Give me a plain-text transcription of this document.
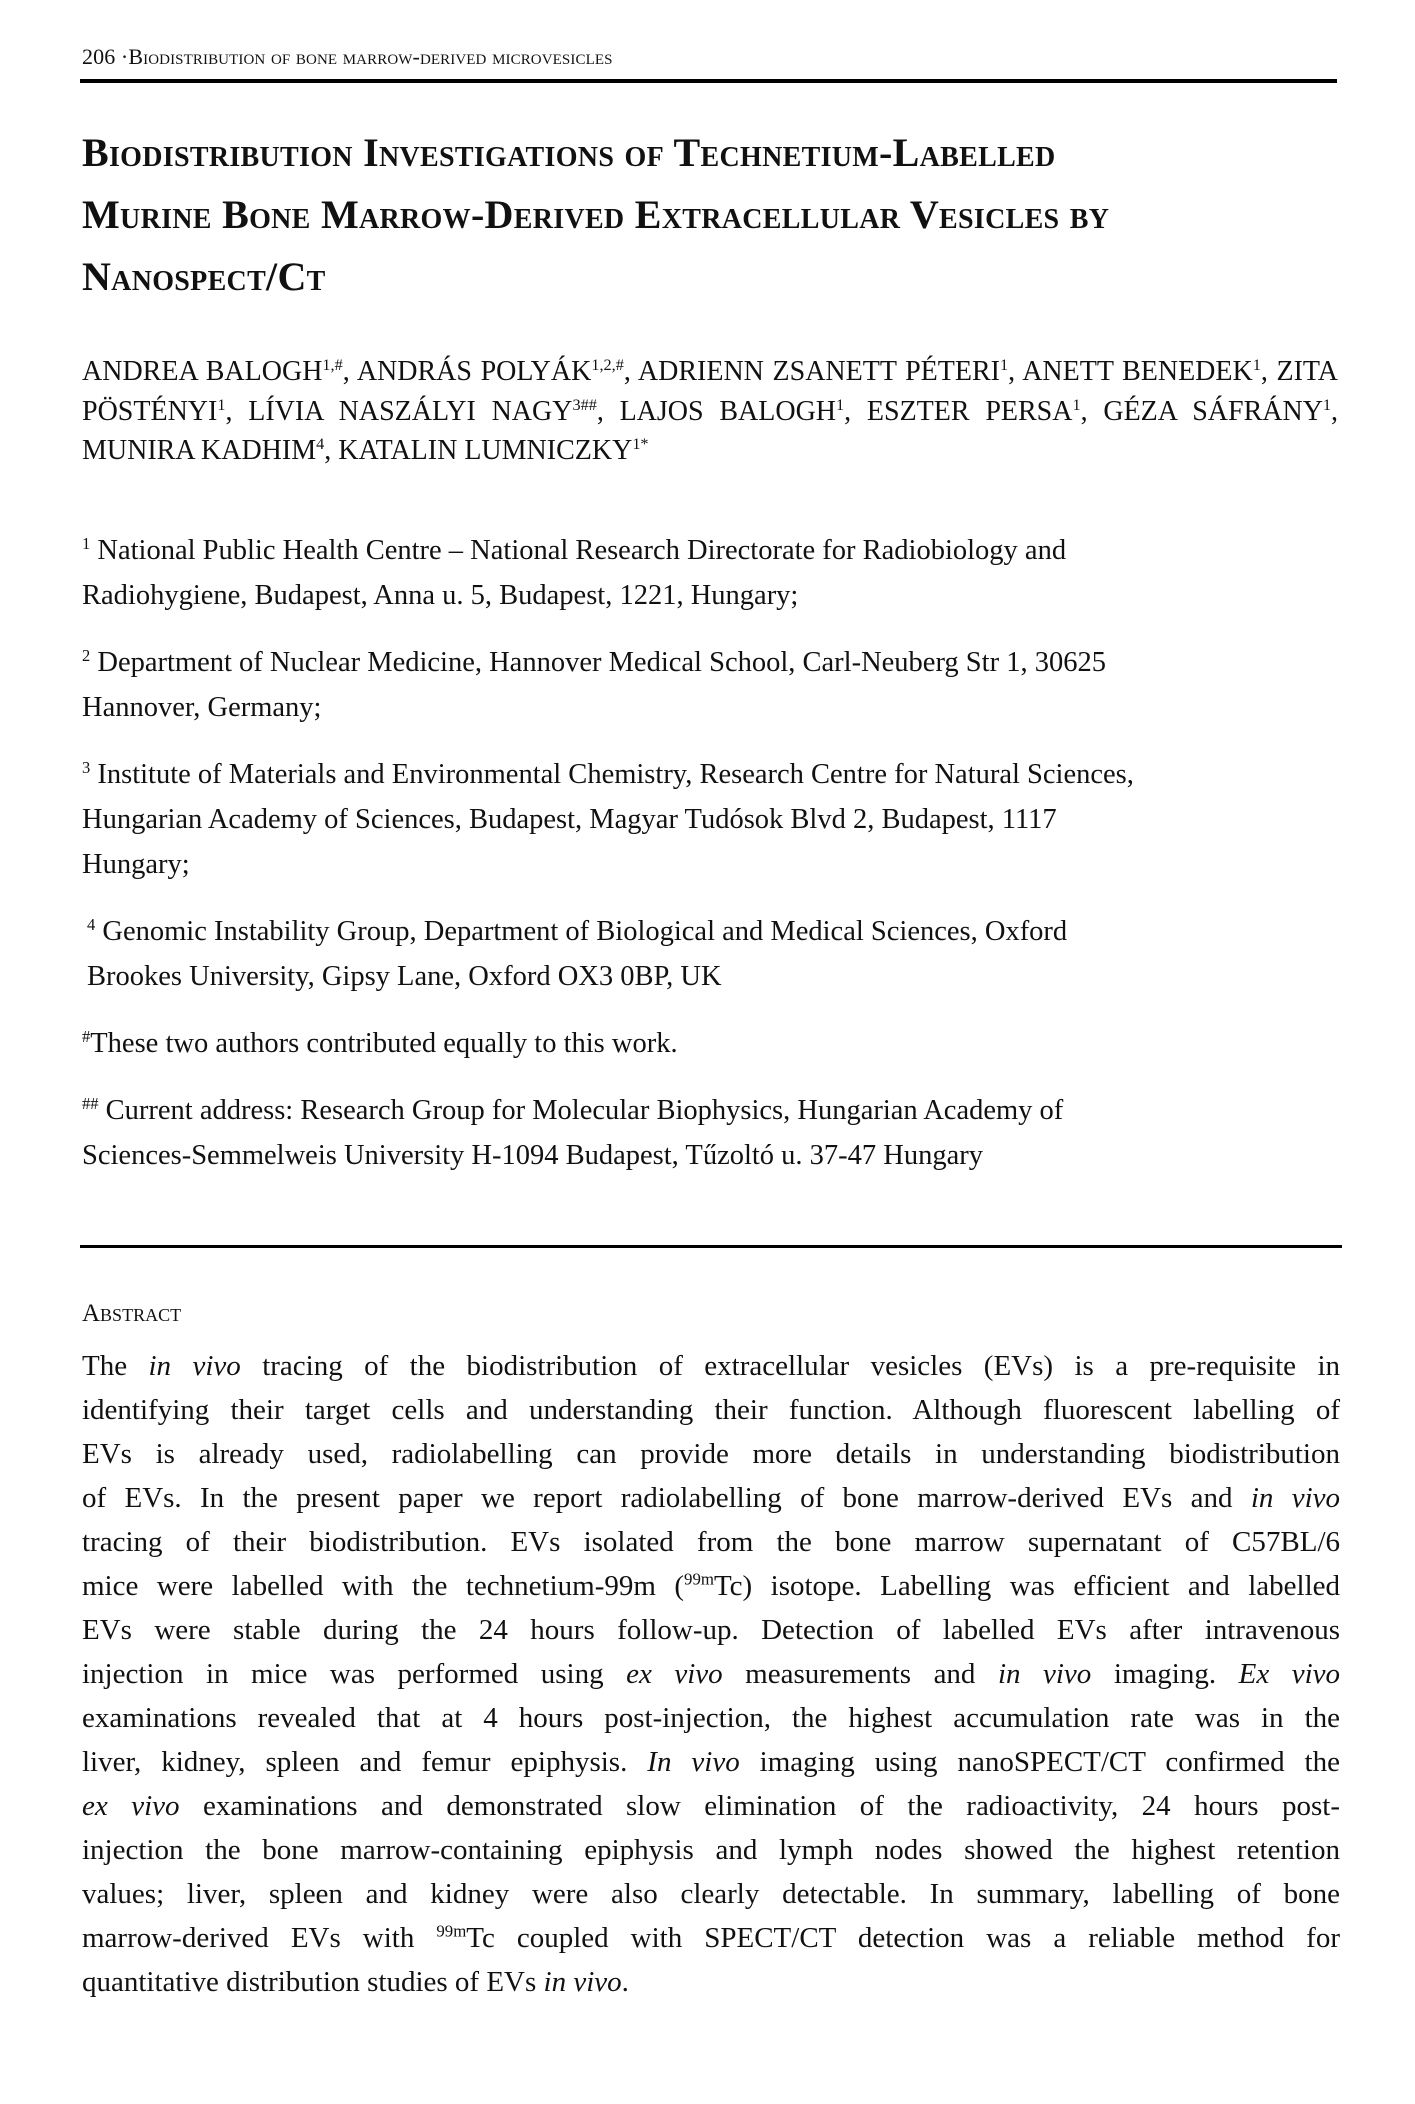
206 ·Biodistribution of bone marrow-derived microvesicles
Biodistribution Investigations of Technetium-Labelled
Murine Bone Marrow-Derived Extracellular Vesicles by
Nanospect/Ct

ANDREA $BALOGH^{1,\#}$, ANDRÁS $POLYÁK^{1,2,\#}$, ADRIENN ZSANETT PÉTERI$^1$, ANETT BENEDEK$^1$, ZITA PÖSTÉNYI$^1$, LÍVIA NASZÁLYI $NAGY^{3\#\#}$, LAJOS BALOGH$^1$, ESZTER PERSA$^1$, GÉZA SÁFRÁNY$^1$, MUNIRA KADHIM$^4$, KATALIN $LUMNICZKY^{1*}$

$^1$ National Public Health Centre – National Research Directorate for Radiobiology and
Radiohygiene, Budapest, Anna u. 5, Budapest, 1221, Hungary;

$^2$ Department of Nuclear Medicine, Hannover Medical School, Carl-Neuberg Str 1, 30625
Hannover, Germany;

$^3$ Institute of Materials and Environmental Chemistry, Research Centre for Natural Sciences,
Hungarian Academy of Sciences, Budapest, Magyar Tudósok Blvd 2, Budapest, 1117
Hungary;

$^4$ Genomic Instability Group, Department of Biological and Medical Sciences, Oxford
Brookes University, Gipsy Lane, Oxford OX3 0BP, UK

#These two authors contributed equally to this work.

## Current address: Research Group for Molecular Biophysics, Hungarian Academy of
Sciences-Semmelweis University H-1094 Budapest, Tűzoltó u. 37-47 Hungary

Abstract

The in vivo tracing of the biodistribution of extracellular vesicles (EVs) is a pre-requisite in
identifying their target cells and understanding their function. Although fluorescent labelling of
EVs is already used, radiolabelling can provide more details in understanding biodistribution
of EVs. In the present paper we report radiolabelling of bone marrow-derived EVs and in vivo
tracing of their biodistribution. EVs isolated from the bone marrow supernatant of C57BL/6
mice were labelled with the technetium-99m ($^{99m}$Tc) isotope. Labelling was efficient and labelled
EVs were stable during the 24 hours follow-up. Detection of labelled EVs after intravenous
injection in mice was performed using ex vivo measurements and in vivo imaging. Ex vivo
examinations revealed that at 4 hours post-injection, the highest accumulation rate was in the
liver, kidney, spleen and femur epiphysis. In vivo imaging using nanoSPECT/CT confirmed the
ex vivo examinations and demonstrated slow elimination of the radioactivity, 24 hours post-
injection the bone marrow-containing epiphysis and lymph nodes showed the highest retention
values; liver, spleen and kidney were also clearly detectable. In summary, labelling of bone
marrow-derived EVs with $^{99m}$Tc coupled with SPECT/CT detection was a reliable method for
quantitative distribution studies of EVs in vivo.
